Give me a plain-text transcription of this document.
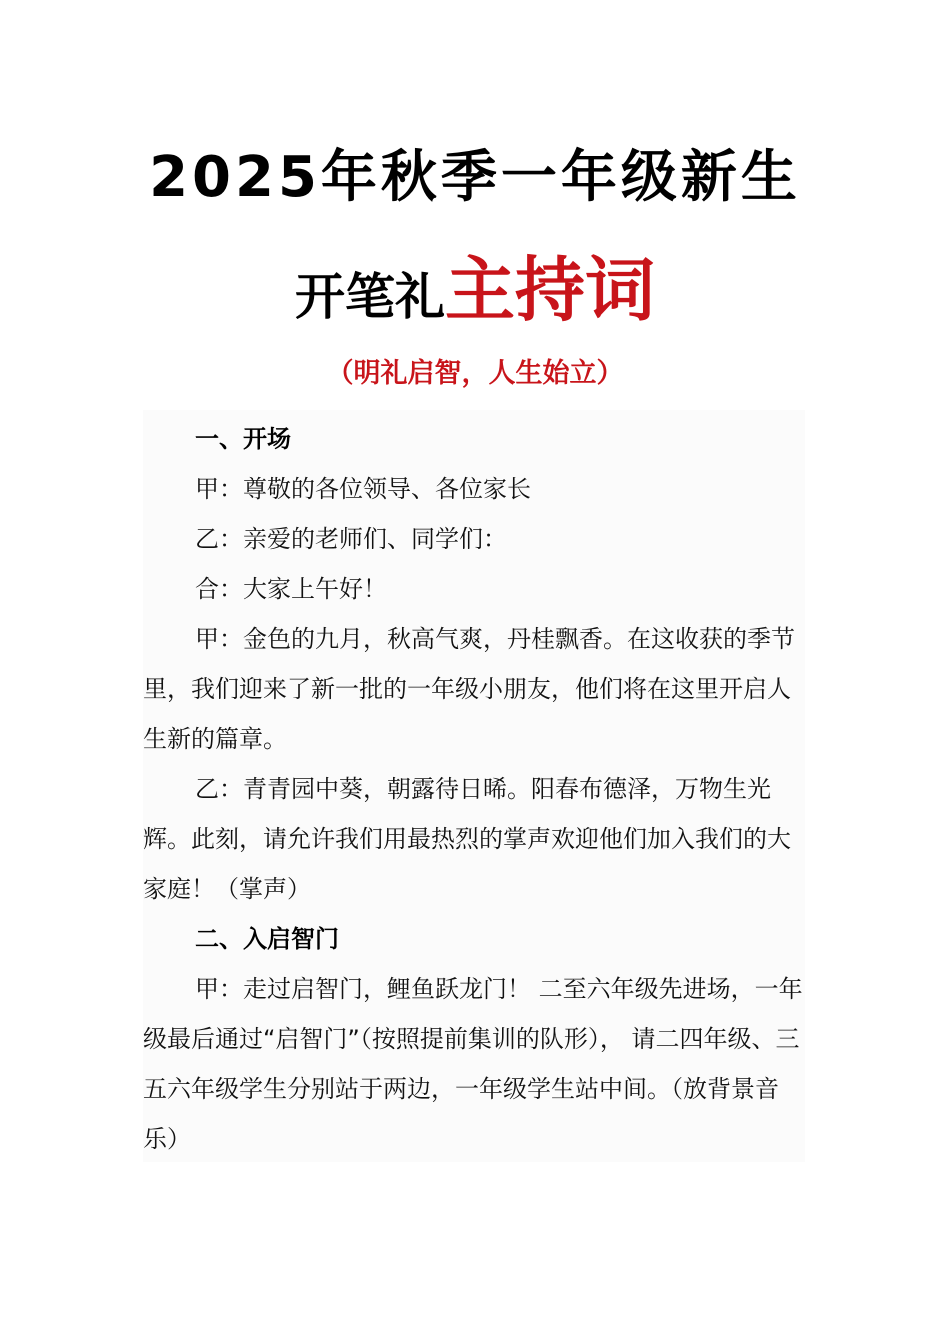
2025年秋季一年级新生
开笔礼主持词
（明礼启智，人生始立）

一、开场

甲：尊敬的各位领导、各位家长

乙：亲爱的老师们、同学们：

合：大家上午好！

甲：金色的九月，秋高气爽，丹桂飘香。在这收获的季节里，我们迎来了新一批的一年级小朋友，他们将在这里开启人生新的篇章。

乙：青青园中葵，朝露待日晞。阳春布德泽，万物生光辉。此刻，请允许我们用最热烈的掌声欢迎他们加入我们的大家庭！（掌声）

二、入启智门

甲：走过启智门，鲤鱼跃龙门！ 二至六年级先进场，一年级最后通过“启智门”（按照提前集训的队形）， 请二四年级、三五六年级学生分别站于两边，一年级学生站中间。（放背景音乐）
